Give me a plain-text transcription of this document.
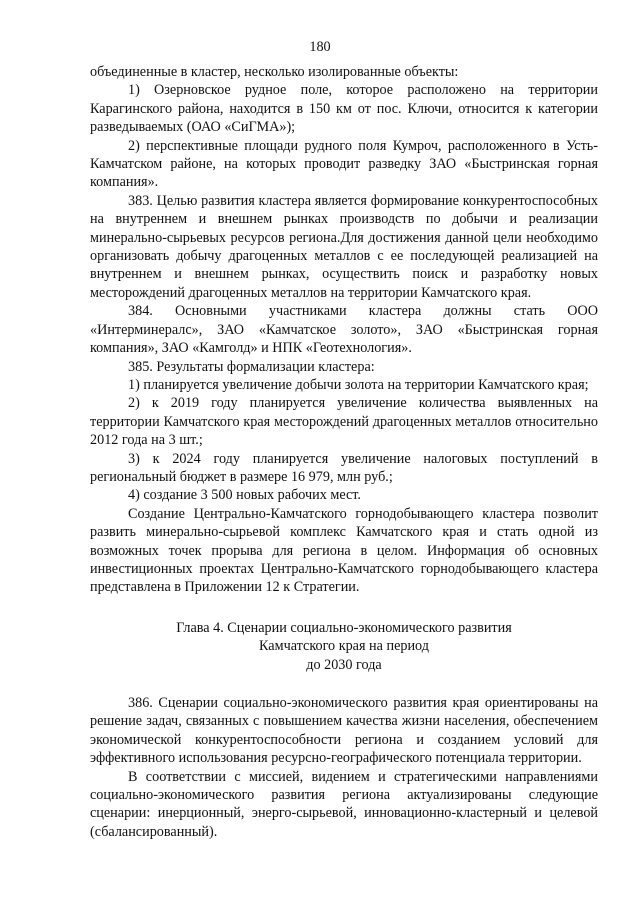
180

объединенные в кластер, несколько изолированные объекты:

1) Озерновское рудное поле, которое расположено на территории Карагинского района, находится в 150 км от пос. Ключи, относится к категории разведываемых (ОАО «СиГМА»);

2) перспективные площади рудного поля Кумроч, расположенного в Усть-Камчатском районе, на которых проводит разведку ЗАО «Быстринская горная компания».

383. Целью развития кластера является формирование конкурентоспособных на внутреннем и внешнем рынках производств по добычи и реализации минерально-сырьевых ресурсов региона.Для достижения данной цели необходимо организовать добычу драгоценных металлов с ее последующей реализацией на внутреннем и внешнем рынках, осуществить поиск и разработку новых месторождений драгоценных металлов на территории Камчатского края.

384. Основными участниками кластера должны стать ООО «Интерминералс», ЗАО «Камчатское золото», ЗАО «Быстринская горная компания», ЗАО «Камголд» и НПК «Геотехнология».

385. Результаты формализации кластера:

1) планируется увеличение добычи золота на территории Камчатского края;

2) к 2019 году планируется увеличение количества выявленных на территории Камчатского края месторождений драгоценных металлов относительно 2012 года на 3 шт.;

3) к 2024 году планируется увеличение налоговых поступлений в региональный бюджет в размере 16 979, млн руб.;

4) создание 3 500 новых рабочих мест.

Создание Центрально-Камчатского горнодобывающего кластера позволит развить минерально-сырьевой комплекс Камчатского края и стать одной из возможных точек прорыва для региона в целом. Информация об основных инвестиционных проектах Центрально-Камчатского горнодобывающего кластера представлена в Приложении 12 к Стратегии.

Глава 4. Сценарии социально-экономического развития
Камчатского края на период
до 2030 года

386. Сценарии социально-экономического развития края ориентированы на решение задач, связанных с повышением качества жизни населения, обеспечением экономической конкурентоспособности региона и созданием условий для эффективного использования ресурсно-географического потенциала территории.

В соответствии с миссией, видением и стратегическими направлениями социально-экономического развития региона актуализированы следующие сценарии: инерционный, энерго-сырьевой, инновационно-кластерный и целевой (сбалансированный).
